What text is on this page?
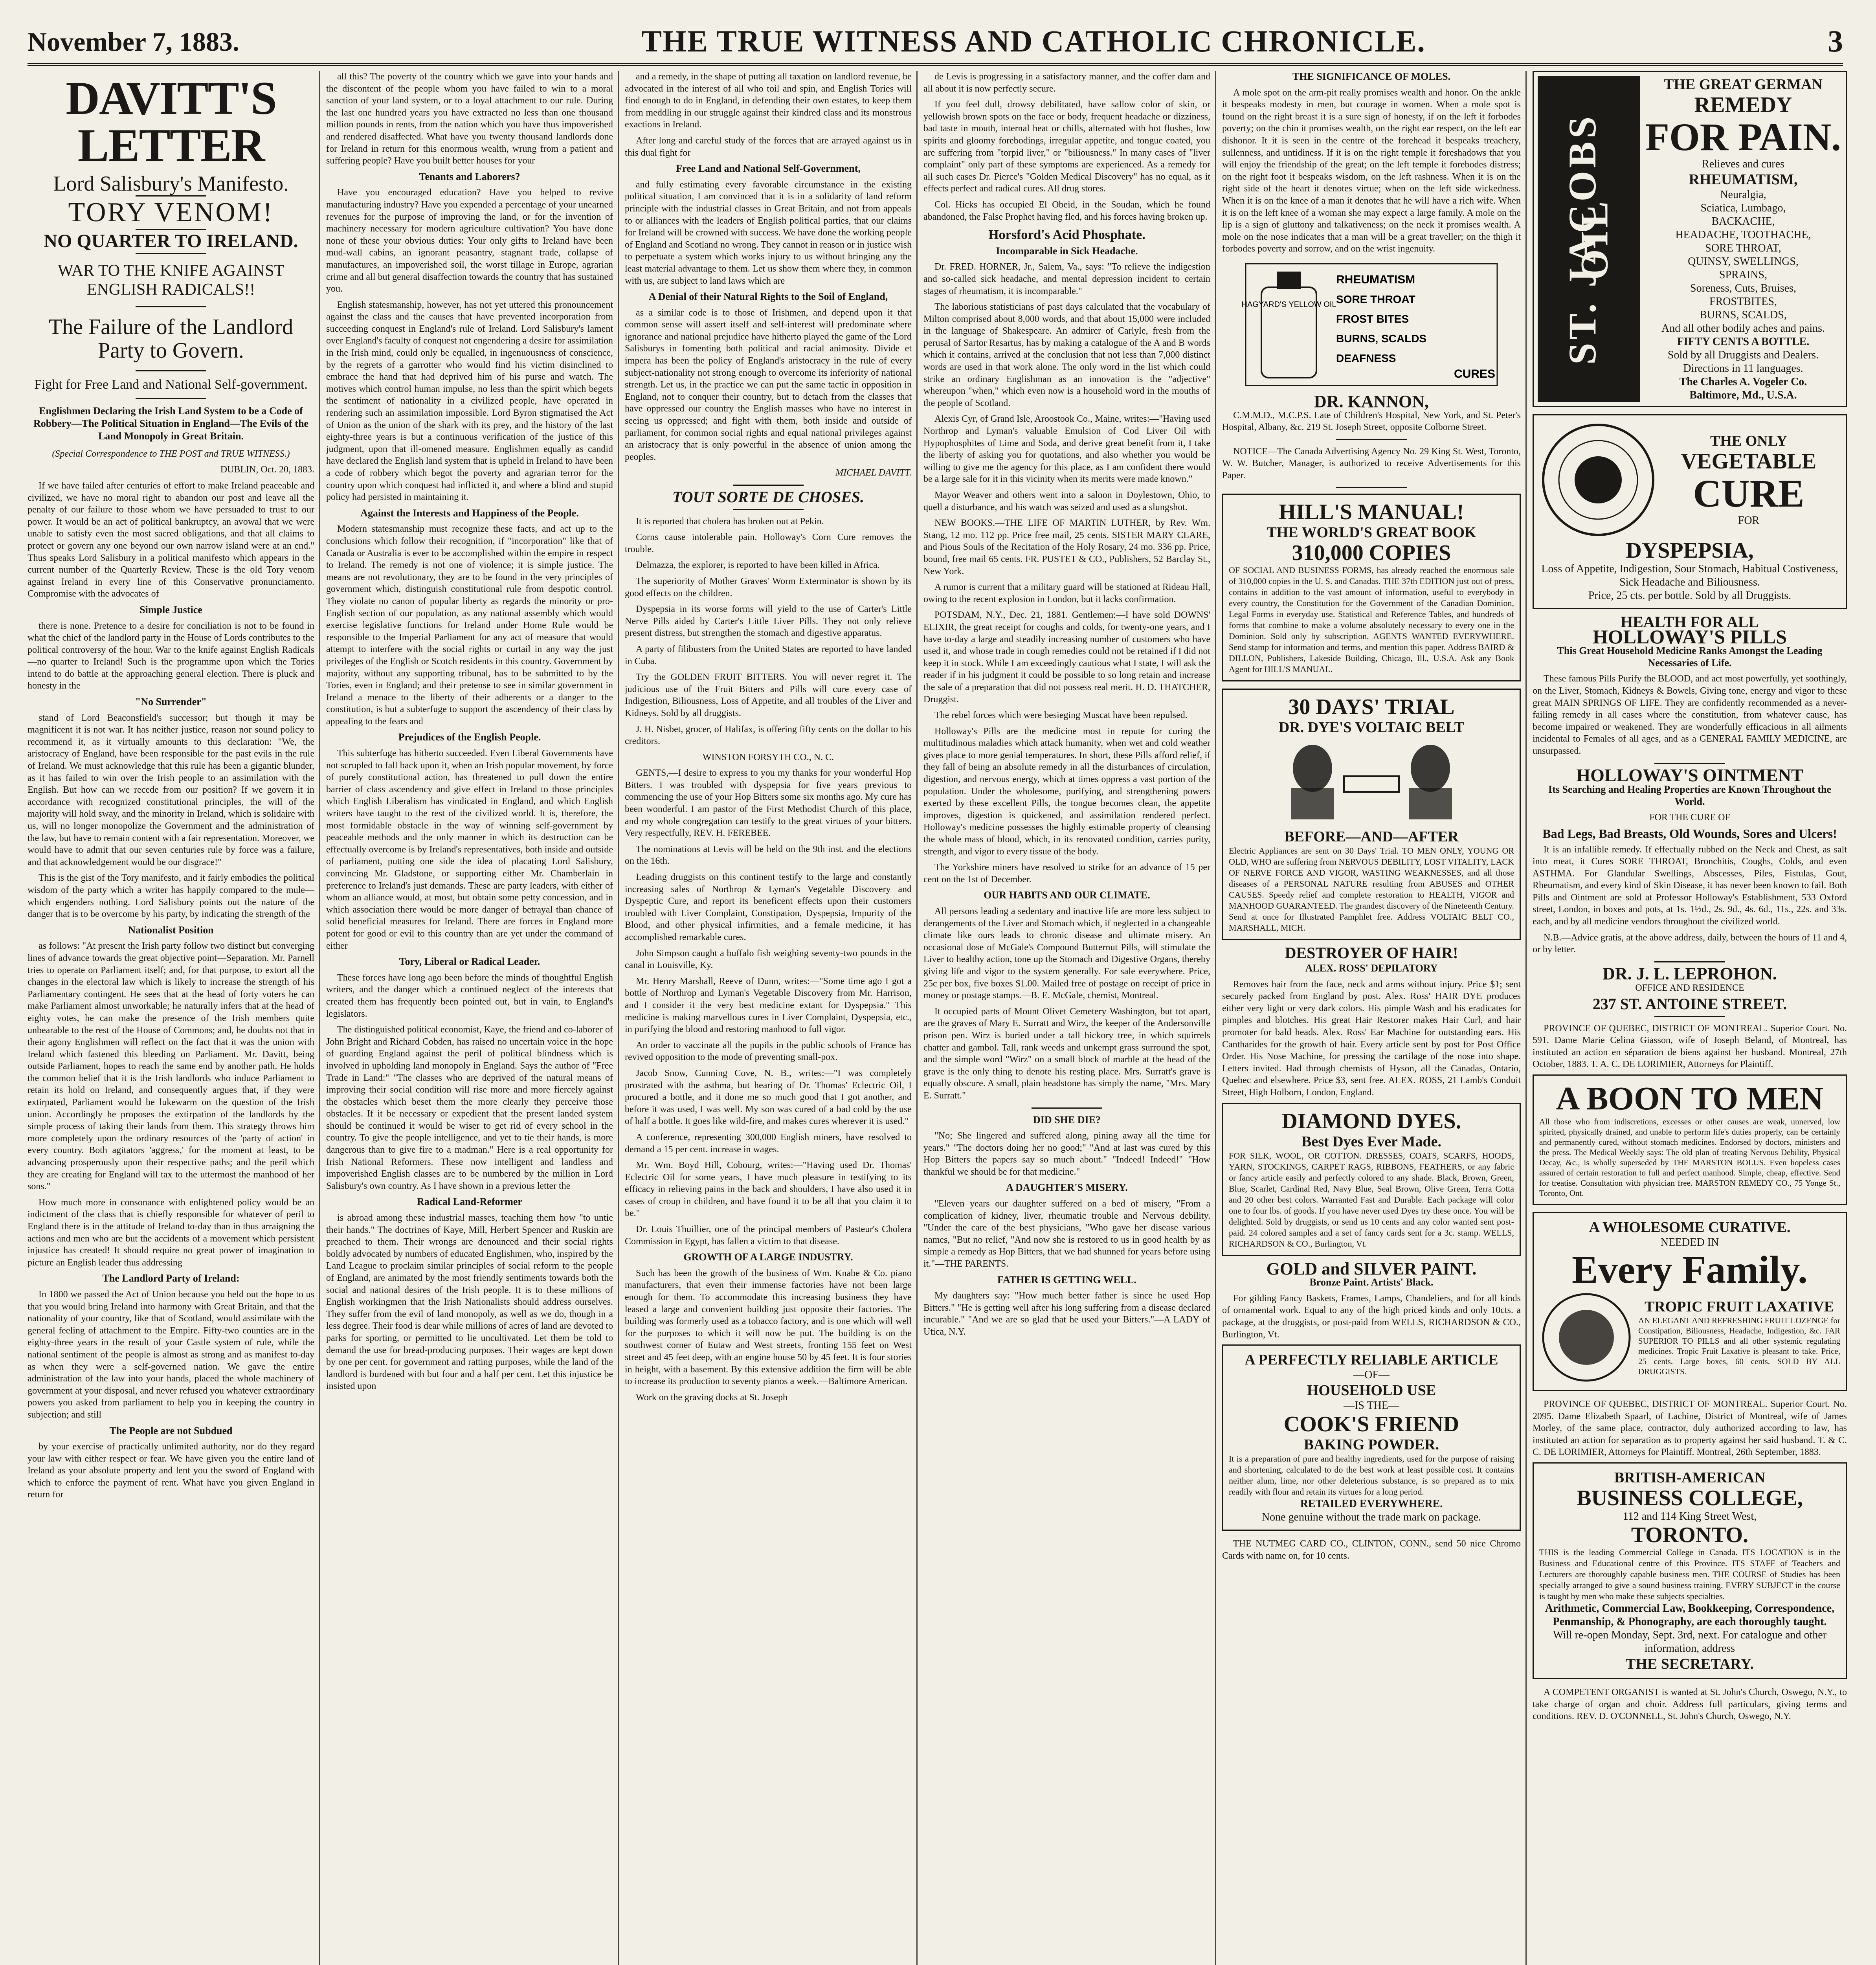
November 7, 1883.	THE TRUE WITNESS AND CATHOLIC CHRONICLE.	3
DAVITT'S LETTER
Lord Salisbury's Manifesto.
TORY VENOM!
NO QUARTER TO IRELAND.
WAR TO THE KNIFE AGAINST ENGLISH RADICALS!!
The Failure of the Landlord Party to Govern.
Fight for Free Land and National Self-government.
Englishmen Declaring the Irish Land System to be a Code of Robbery—The Political Situation in England—The Evils of the Land Monopoly in Great Britain.

(Special Correspondence to THE POST and TRUE WITNESS.)

DUBLIN, Oct. 20, 1883.

If we have failed after centuries of effort to make Ireland peaceable and civilized, we have no moral right to abandon our post and leave all the penalty of our failure to those whom we have persuaded to trust to our power. It would be an act of political bankruptcy, an avowal that we were unable to satisfy even the most sacred obligations, and that all claims to protect or govern any one beyond our own narrow island were at an end." Thus speaks Lord Salisbury in a political manifesto which appears in the current number of the Quarterly Review. These is the old Tory venom against Ireland in every line of this Conservative pronunciamento. Compromise with the advocates of

Simple Justice

there is none. Pretence to a desire for conciliation is not to be found in what the chief of the landlord party in the House of Lords contributes to the political controversy of the hour. War to the knife against English Radicals—no quarter to Ireland! Such is the programme upon which the Tories intend to do battle at the approaching general election. There is pluck and honesty in the

"No Surrender"

stand of Lord Beaconsfield's successor; but though it may be magnificent it is not war. It has neither justice, reason nor sound policy to recommend it, as it virtually amounts to this declaration: "We, the aristocracy of England, have been responsible for the past evils in the rule of Ireland. We must acknowledge that this rule has been a gigantic blunder, as it has failed to win over the Irish people to an assimilation with the English. But how can we recede from our position? If we govern it in accordance with recognized constitutional principles, the will of the majority will hold sway, and the minority in Ireland, which is solidaire with us, will no longer monopolize the Government and the administration of the law, but have to remain content with a fair representation. Moreover, we would have to admit that our seven centuries rule by force was a failure, and that acknowledgement would be our disgrace!"

This is the gist of the Tory manifesto, and it fairly embodies the political wisdom of the party which a writer has happily compared to the mule—which engenders nothing. Lord Salisbury points out the nature of the danger that is to be overcome by his party, by indicating the strength of the

Nationalist Position

as follows: "At present the Irish party follow two distinct but converging lines of advance towards the great objective point—Separation. Mr. Parnell tries to operate on Parliament itself; and, for that purpose, to extort all the changes in the electoral law which is likely to increase the strength of his Parliamentary contingent. He sees that at the head of forty voters he can make Parliament almost unworkable; he naturally infers that at the head of eighty votes, he can make the presence of the Irish members quite unbearable to the rest of the House of Commons; and, he doubts not that in their agony Englishmen will reflect on the fact that it was the union with Ireland which fastened this bleeding on Parliament. Mr. Davitt, being outside Parliament, hopes to reach the same end by another path. He holds the common belief that it is the Irish landlords who induce Parliament to retain its hold on Ireland, and consequently argues that, if they were extirpated, Parliament would be lukewarm on the question of the Irish union. Accordingly he proposes the extirpation of the landlords by the simple process of taking their lands from them. This strategy throws him more completely upon the ordinary resources of the 'party of action' in every country. Both agitators 'aggress,' for the moment at least, to be advancing prosperously upon their respective paths; and the peril which they are creating for England will tax to the uttermost the manhood of her sons."

How much more in consonance with enlightened policy would be an indictment of the class that is chiefly responsible for whatever of peril to England there is in the attitude of Ireland to-day than in thus arraigning the actions and men who are but the accidents of a movement which persistent injustice has created! It should require no great power of imagination to picture an English leader thus addressing

The Landlord Party of Ireland:

In 1800 we passed the Act of Union because you held out the hope to us that you would bring Ireland into harmony with Great Britain, and that the nationality of your country, like that of Scotland, would assimilate with the general feeling of attachment to the Empire. Fifty-two counties are in the eighty-three years in the result of your Castle system of rule, while the national sentiment of the people is almost as strong and as manifest to-day as when they were a self-governed nation. We gave the entire administration of the law into your hands, placed the whole machinery of government at your disposal, and never refused you whatever extraordinary powers you asked from parliament to help you in keeping the country in subjection; and still

The People are not Subdued

by your exercise of practically unlimited authority, nor do they regard your law with either respect or fear. We have given you the entire land of Ireland as your absolute property and lent you the sword of England with which to enforce the payment of rent. What have you given England in return for

all this? The poverty of the country which we gave into your hands and the discontent of the people whom you have failed to win to a moral sanction of your land system, or to a loyal attachment to our rule. During the last one hundred years you have extracted no less than one thousand million pounds in rents, from the nation which you have thus impoverished and rendered disaffected. What have you twenty thousand landlords done for Ireland in return for this enormous wealth, wrung from a patient and suffering people? Have you built better houses for your

Tenants and Laborers?

Have you encouraged education? Have you helped to revive manufacturing industry? Have you expended a percentage of your unearned revenues for the purpose of improving the land, or for the invention of machinery necessary for modern agriculture cultivation? You have done none of these your obvious duties: Your only gifts to Ireland have been mud-wall cabins, an ignorant peasantry, stagnant trade, collapse of manufactures, an impoverished soil, the worst tillage in Europe, agrarian crime and all but general disaffection towards the country that has sustained you.

English statesmanship, however, has not yet uttered this pronouncement against the class and the causes that have prevented incorporation from succeeding conquest in England's rule of Ireland. Lord Salisbury's lament over England's faculty of conquest not engendering a desire for assimilation in the Irish mind, could only be equalled, in ingenuousness of conscience, by the regrets of a garrotter who would find his victim disinclined to embrace the hand that had deprived him of his purse and watch. The motives which control human impulse, no less than the spirit which begets the sentiment of nationality in a civilized people, have operated in rendering such an assimilation impossible. Lord Byron stigmatised the Act of Union as the union of the shark with its prey, and the history of the last eighty-three years is but a continuous verification of the justice of this judgment, upon that ill-omened measure. Englishmen equally as candid have declared the English land system that is upheld in Ireland to have been a code of robbery which begot the poverty and agrarian terror for the country upon which conquest had inflicted it, and where a blind and stupid policy had persisted in maintaining it.

Against the Interests and Happiness of the People.

Modern statesmanship must recognize these facts, and act up to the conclusions which follow their recognition, if "incorporation" like that of Canada or Australia is ever to be accomplished within the empire in respect to Ireland. The remedy is not one of violence; it is simple justice. The means are not revolutionary, they are to be found in the very principles of government which, distinguish constitutional rule from despotic control. They violate no canon of popular liberty as regards the minority or pro-English section of our population, as any national assembly which would exercise legislative functions for Ireland under Home Rule would be responsible to the Imperial Parliament for any act of measure that would attempt to interfere with the social rights or curtail in any way the just privileges of the English or Scotch residents in this country. Government by majority, without any supporting tribunal, has to be submitted to by the Tories, even in England; and their pretense to see in similar government in Ireland a menace to the liberty of their adherents or a danger to the constitution, is but a subterfuge to support the ascendency of their class by appealing to the fears and

Prejudices of the English People.

This subterfuge has hitherto succeeded. Even Liberal Governments have not scrupled to fall back upon it, when an Irish popular movement, by force of purely constitutional action, has threatened to pull down the entire barrier of class ascendency and give effect in Ireland to those principles which English Liberalism has vindicated in England, and which English writers have taught to the rest of the civilized world. It is, therefore, the most formidable obstacle in the way of winning self-government by peaceable methods and the only manner in which its destruction can be effectually overcome is by Ireland's representatives, both inside and outside of parliament, putting one side the idea of placating Lord Salisbury, convincing Mr. Gladstone, or supporting either Mr. Chamberlain in preference to Ireland's just demands. These are party leaders, with either of whom an alliance would, at most, but obtain some petty concession, and in which association there would be more danger of betrayal than chance of solid beneficial measures for Ireland. There are forces in England more potent for good or evil to this country than are yet under the command of either

Tory, Liberal or Radical Leader.

These forces have long ago been before the minds of thoughtful English writers, and the danger which a continued neglect of the interests that created them has frequently been pointed out, but in vain, to England's legislators.

The distinguished political economist, Kaye, the friend and co-laborer of John Bright and Richard Cobden, has raised no uncertain voice in the hope of guarding England against the peril of political blindness which is involved in upholding land monopoly in England. Says the author of "Free Trade in Land:" "The classes who are deprived of the natural means of improving their social condition will rise more and more fiercely against the obstacles which beset them the more clearly they perceive those obstacles. If it be necessary or expedient that the present landed system should be continued it would be wiser to get rid of every school in the country. To give the people intelligence, and yet to tie their hands, is more dangerous than to give fire to a madman." Here is a real opportunity for Irish National Reformers. These now intelligent and landless and impoverished English classes are to be numbered by the million in Lord Salisbury's own country. As I have shown in a previous letter the

Radical Land-Reformer

is abroad among these industrial masses, teaching them how "to untie their hands." The doctrines of Kaye, Mill, Herbert Spencer and Ruskin are preached to them. Their wrongs are denounced and their social rights boldly advocated by numbers of educated Englishmen, who, inspired by the Land League to proclaim similar principles of social reform to the people of England, are animated by the most friendly sentiments towards both the social and national desires of the Irish people. It is to these millions of English workingmen that the Irish Nationalists should address ourselves. They suffer from the evil of land monopoly, as well as we do, though in a less degree. Their food is dear while millions of acres of land are devoted to parks for sporting, or permitted to lie uncultivated. Let them be told to demand the use for bread-producing purposes. Their wages are kept down by one per cent. for government and ratting purposes, while the land of the landlord is burdened with but four and a half per cent. Let this injustice be insisted upon

and a remedy, in the shape of putting all taxation on landlord revenue, be advocated in the interest of all who toil and spin, and English Tories will find enough to do in England, in defending their own estates, to keep them from meddling in our struggle against their kindred class and its monstrous exactions in Ireland.

After long and careful study of the forces that are arrayed against us in this dual fight for

Free Land and National Self-Government,

and fully estimating every favorable circumstance in the existing political situation, I am convinced that it is in a solidarity of land reform principle with the industrial classes in Great Britain, and not from appeals to or alliances with the leaders of English political parties, that our claims for Ireland will be crowned with success. We have done the working people of England and Scotland no wrong. They cannot in reason or in justice wish to perpetuate a system which works injury to us without bringing any the least material advantage to them. Let us show them where they, in common with us, are subject to land laws which are

A Denial of their Natural Rights to the Soil of England,

as a similar code is to those of Irishmen, and depend upon it that common sense will assert itself and self-interest will predominate where ignorance and national prejudice have hitherto played the game of the Lord Salisburys in fomenting both political and racial animosity. Divide et impera has been the policy of England's aristocracy in the rule of every subject-nationality not strong enough to overcome its inferiority of national strength. Let us, in the practice we can put the same tactic in opposition in England, not to conquer their country, but to detach from the classes that have oppressed our country the English masses who have no interest in seeing us oppressed; and fight with them, both inside and outside of parliament, for common social rights and equal national privileges against an aristocracy that is only powerful in the absence of union among the peoples.

MICHAEL DAVITT.

TOUT SORTE DE CHOSES.

It is reported that cholera has broken out at Pekin.

Corns cause intolerable pain. Holloway's Corn Cure removes the trouble.

Delmazza, the explorer, is reported to have been killed in Africa.

The superiority of Mother Graves' Worm Exterminator is shown by its good effects on the children.

Dyspepsia in its worse forms will yield to the use of Carter's Little Nerve Pills aided by Carter's Little Liver Pills. They not only relieve present distress, but strengthen the stomach and digestive apparatus.

A party of filibusters from the United States are reported to have landed in Cuba.

Try the GOLDEN FRUIT BITTERS. You will never regret it. The judicious use of the Fruit Bitters and Pills will cure every case of Indigestion, Biliousness, Loss of Appetite, and all troubles of the Liver and Kidneys. Sold by all druggists.

J. H. Nisbet, grocer, of Halifax, is offering fifty cents on the dollar to his creditors.

WINSTON FORSYTH CO., N. C.

GENTS,—I desire to express to you my thanks for your wonderful Hop Bitters. I was troubled with dyspepsia for five years previous to commencing the use of your Hop Bitters some six months ago. My cure has been wonderful. I am pastor of the First Methodist Church of this place, and my whole congregation can testify to the great virtues of your bitters. Very respectfully, REV. H. FEREBEE.

The nominations at Levis will be held on the 9th inst. and the elections on the 16th.

Leading druggists on this continent testify to the large and constantly increasing sales of Northrop & Lyman's Vegetable Discovery and Dyspeptic Cure, and report its beneficent effects upon their customers troubled with Liver Complaint, Constipation, Dyspepsia, Impurity of the Blood, and other physical infirmities, and a female medicine, it has accomplished remarkable cures.

John Simpson caught a buffalo fish weighing seventy-two pounds in the canal in Louisville, Ky.

Mr. Henry Marshall, Reeve of Dunn, writes:—"Some time ago I got a bottle of Northrop and Lyman's Vegetable Discovery from Mr. Harrison, and I consider it the very best medicine extant for Dyspepsia." This medicine is making marvellous cures in Liver Complaint, Dyspepsia, etc., in purifying the blood and restoring manhood to full vigor.

An order to vaccinate all the pupils in the public schools of France has revived opposition to the mode of preventing small-pox.

Jacob Snow, Cunning Cove, N. B., writes:—"I was completely prostrated with the asthma, but hearing of Dr. Thomas' Eclectric Oil, I procured a bottle, and it done me so much good that I got another, and before it was used, I was well. My son was cured of a bad cold by the use of half a bottle. It goes like wild-fire, and makes cures wherever it is used."

A conference, representing 300,000 English miners, have resolved to demand a 15 per cent. increase in wages.

Mr. Wm. Boyd Hill, Cobourg, writes:—"Having used Dr. Thomas' Eclectric Oil for some years, I have much pleasure in testifying to its efficacy in relieving pains in the back and shoulders, I have also used it in cases of croup in children, and have found it to be all that you claim it to be."

Dr. Louis Thuillier, one of the principal members of Pasteur's Cholera Commission in Egypt, has fallen a victim to that disease.

GROWTH OF A LARGE INDUSTRY.

Such has been the growth of the business of Wm. Knabe & Co. piano manufacturers, that even their immense factories have not been large enough for them. To accommodate this increasing business they have leased a large and convenient building just opposite their factories. The building was formerly used as a tobacco factory, and is one which will well for the purposes to which it will now be put. The building is on the southwest corner of Eutaw and West streets, fronting 155 feet on West street and 45 feet deep, with an engine house 50 by 45 feet. It is four stories in height, with a basement. By this extensive addition the firm will be able to increase its production to seventy pianos a week.—Baltimore American.

Work on the graving docks at St. Joseph

de Levis is progressing in a satisfactory manner, and the coffer dam and all about it is now perfectly secure.

If you feel dull, drowsy debilitated, have sallow color of skin, or yellowish brown spots on the face or body, frequent headache or dizziness, bad taste in mouth, internal heat or chills, alternated with hot flushes, low spirits and gloomy forebodings, irregular appetite, and tongue coated, you are suffering from "torpid liver," or "biliousness." In many cases of "liver complaint" only part of these symptoms are experienced. As a remedy for all such cases Dr. Pierce's "Golden Medical Discovery" has no equal, as it effects perfect and radical cures. All drug stores.

Col. Hicks has occupied El Obeid, in the Soudan, which he found abandoned, the False Prophet having fled, and his forces having broken up.

Horsford's Acid Phosphate.

Incomparable in Sick Headache.

Dr. FRED. HORNER, Jr., Salem, Va., says: "To relieve the indigestion and so-called sick headache, and mental depression incident to certain stages of rheumatism, it is incomparable."

The laborious statisticians of past days calculated that the vocabulary of Milton comprised about 8,000 words, and that about 15,000 were included in the language of Shakespeare. An admirer of Carlyle, fresh from the perusal of Sartor Resartus, has by making a catalogue of the A and B words which it contains, arrived at the conclusion that not less than 7,000 distinct words are used in that work alone. The only word in the list which could strike an ordinary Englishman as an innovation is the "adjective" whereupon "when," which even now is a household word in the mouths of the people of Scotland.

Alexis Cyr, of Grand Isle, Aroostook Co., Maine, writes:—"Having used Northrop and Lyman's valuable Emulsion of Cod Liver Oil with Hypophosphites of Lime and Soda, and derive great benefit from it, I take the liberty of asking you for quotations, and also whether you would be willing to give me the agency for this place, as I am confident there would be a large sale for it in this vicinity when its merits were made known."

Mayor Weaver and others went into a saloon in Doylestown, Ohio, to quell a disturbance, and his watch was seized and used as a slungshot.

NEW BOOKS.—THE LIFE OF MARTIN LUTHER, by Rev. Wm. Stang, 12 mo. 112 pp. Price free mail, 25 cents. SISTER MARY CLARE, and Pious Souls of the Recitation of the Holy Rosary, 24 mo. 336 pp. Price, bound, free mail 65 cents. FR. PUSTET & CO., Publishers, 52 Barclay St., New York.

A rumor is current that a military guard will be stationed at Rideau Hall, owing to the recent explosion in London, but it lacks confirmation.

POTSDAM, N.Y., Dec. 21, 1881. Gentlemen:—I have sold DOWNS' ELIXIR, the great receipt for coughs and colds, for twenty-one years, and I have to-day a large and steadily increasing number of customers who have used it, and whose trade in cough remedies could not be retained if I did not keep it in stock. While I am exceedingly cautious what I state, I will ask the reader if in his judgment it could be possible to so long retain and increase the sale of a preparation that did not possess real merit. H. D. THATCHER, Druggist.

The rebel forces which were besieging Muscat have been repulsed.

Holloway's Pills are the medicine most in repute for curing the multitudinous maladies which attack humanity, when wet and cold weather gives place to more genial temperatures. In short, these Pills afford relief, if they fall of being an absolute remedy in all the disturbances of circulation, digestion, and nervous energy, which at times oppress a vast portion of the population. Under the wholesome, purifying, and strengthening powers exerted by these excellent Pills, the tongue becomes clean, the appetite improves, digestion is quickened, and assimilation rendered perfect. Holloway's medicine possesses the highly estimable property of cleansing the whole mass of blood, which, in its renovated condition, carries purity, strength, and vigor to every tissue of the body.

The Yorkshire miners have resolved to strike for an advance of 15 per cent on the 1st of December.

OUR HABITS AND OUR CLIMATE.

All persons leading a sedentary and inactive life are more less subject to derangements of the Liver and Stomach which, if neglected in a changeable climate like ours leads to chronic disease and ultimate misery. An occasional dose of McGale's Compound Butternut Pills, will stimulate the Liver to healthy action, tone up the Stomach and Digestive Organs, thereby giving life and vigor to the system generally. For sale everywhere. Price, 25c per box, five boxes $1.00. Mailed free of postage on receipt of price in money or postage stamps.—B. E. McGale, chemist, Montreal.

It occupied parts of Mount Olivet Cemetery Washington, but tot apart, are the graves of Mary E. Surratt and Wirz, the keeper of the Andersonville prison pen. Wirz is buried under a tall hickory tree, in which squirrels chatter and gambol. Tall, rank weeds and unkempt grass surround the spot, and the simple word "Wirz" on a small block of marble at the head of the grave is the only thing to denote his resting place. Mrs. Surratt's grave is equally obscure. A small, plain headstone has simply the name, "Mrs. Mary E. Surratt."

DID SHE DIE?

"No; She lingered and suffered along, pining away all the time for years." "The doctors doing her no good;" "And at last was cured by this Hop Bitters the papers say so much about." "Indeed! Indeed!" "How thankful we should be for that medicine."

A DAUGHTER'S MISERY.

"Eleven years our daughter suffered on a bed of misery, "From a complication of kidney, liver, rheumatic trouble and Nervous debility. "Under the care of the best physicians, "Who gave her disease various names, "But no relief, "And now she is restored to us in good health by as simple a remedy as Hop Bitters, that we had shunned for years before using it."—THE PARENTS.

FATHER IS GETTING WELL.

My daughters say: "How much better father is since he used Hop Bitters." "He is getting well after his long suffering from a disease declared incurable." "And we are so glad that he used your Bitters."—A LADY of Utica, N.Y.

THE SIGNIFICANCE OF MOLES.

A mole spot on the arm-pit really promises wealth and honor. On the ankle it bespeaks modesty in men, but courage in women. When a mole spot is found on the right breast it is a sure sign of honesty, if on the left it forbodes poverty; on the chin it promises wealth, on the right ear respect, on the left ear dishonor. It it is seen in the centre of the forehead it bespeaks treachery, sullenness, and untidiness. If it is on the right temple it foreshadows that you will enjoy the friendship of the great; on the left temple it forebodes distress; on the right foot it bespeaks wisdom, on the left rashness. When it is on the right side of the heart it denotes virtue; when on the left side wickedness. When it is on the knee of a man it denotes that he will have a rich wife. When it is on the left knee of a woman she may expect a large family. A mole on the lip is a sign of gluttony and talkativeness; on the neck it promises wealth. A mole on the nose indicates that a man will be a great traveller; on the thigh it forbodes poverty and sorrow, and on the wrist ingenuity.

HAGYARD'S YELLOW OIL
RHEUMATISM
SORE THROAT
FROST BITES
BURNS, SCALDS
DEAFNESS
CURES

DR. KANNON,

C.M.M.D., M.C.P.S. Late of Children's Hospital, New York, and St. Peter's Hospital, Albany, &c. 219 St. Joseph Street, opposite Colborne Street.

NOTICE—The Canada Advertising Agency No. 29 King St. West, Toronto, W. W. Butcher, Manager, is authorized to receive Advertisements for this Paper.

HILL'S MANUAL!
THE WORLD'S GREAT BOOK
310,000 COPIES
OF SOCIAL AND BUSINESS FORMS, has already reached the enormous sale of 310,000 copies in the U. S. and Canadas. THE 37th EDITION just out of press, contains in addition to the vast amount of information, useful to everybody in every country, the Constitution for the Government of the Canadian Dominion, Legal Forms in everyday use. Statistical and Reference Tables, and hundreds of forms that combine to make a volume absolutely necessary to every one in the Dominion. Sold only by subscription. AGENTS WANTED EVERYWHERE. Send stamp for information and terms, and mention this paper. Address BAIRD & DILLON, Publishers, Lakeside Building, Chicago, Ill., U.S.A. Ask any Book Agent for HILL'S MANUAL.
30 DAYS' TRIAL
DR. DYE'S VOLTAIC BELT
BEFORE—AND—AFTER
Electric Appliances are sent on 30 Days' Trial. TO MEN ONLY, YOUNG OR OLD, WHO are suffering from NERVOUS DEBILITY, LOST VITALITY, LACK OF NERVE FORCE AND VIGOR, WASTING WEAKNESSES, and all those diseases of a PERSONAL NATURE resulting from ABUSES and OTHER CAUSES. Speedy relief and complete restoration to HEALTH, VIGOR and MANHOOD GUARANTEED. The grandest discovery of the Nineteenth Century. Send at once for Illustrated Pamphlet free. Address VOLTAIC BELT CO., MARSHALL, MICH.

DESTROYER OF HAIR!

ALEX. ROSS' DEPILATORY

Removes hair from the face, neck and arms without injury. Price $1; sent securely packed from England by post. Alex. Ross' HAIR DYE produces either very light or very dark colors. His pimple Wash and his eradicates for pimples and blotches. His great Hair Restorer makes Hair Curl, and hair promoter for bald heads. Alex. Ross' Ear Machine for outstanding ears. His Cantharides for the growth of hair. Every article sent by post for Post Office Order. His Nose Machine, for pressing the cartilage of the nose into shape. Letters invited. Had through chemists of Hyson, all the Canadas, Ontario, Quebec and elsewhere. Price $3, sent free. ALEX. ROSS, 21 Lamb's Conduit Street, High Holborn, London, England.

DIAMOND DYES.
Best Dyes Ever Made.
FOR SILK, WOOL, OR COTTON. DRESSES, COATS, SCARFS, HOODS, YARN, STOCKINGS, CARPET RAGS, RIBBONS, FEATHERS, or any fabric or fancy article easily and perfectly colored to any shade. Black, Brown, Green, Blue, Scarlet, Cardinal Red, Navy Blue, Seal Brown, Olive Green, Terra Cotta and 20 other best colors. Warranted Fast and Durable. Each package will color one to four lbs. of goods. If you have never used Dyes try these once. You will be delighted. Sold by druggists, or send us 10 cents and any color wanted sent post-paid. 24 colored samples and a set of fancy cards sent for a 3c. stamp. WELLS, RICHARDSON & CO., Burlington, Vt.

GOLD and SILVER PAINT.

Bronze Paint. Artists' Black.

For gilding Fancy Baskets, Frames, Lamps, Chandeliers, and for all kinds of ornamental work. Equal to any of the high priced kinds and only 10cts. a package, at the druggists, or post-paid from WELLS, RICHARDSON & CO., Burlington, Vt.

A PERFECTLY RELIABLE ARTICLE
—OF—
HOUSEHOLD USE
—IS THE—
COOK'S FRIEND
BAKING POWDER.
It is a preparation of pure and healthy ingredients, used for the purpose of raising and shortening, calculated to do the best work at least possible cost. It contains neither alum, lime, nor other deleterious substance, is so prepared as to mix readily with flour and retain its virtues for a long period.
RETAILED EVERYWHERE.
None genuine without the trade mark on package.

THE NUTMEG CARD CO., CLINTON, CONN., send 50 nice Chromo Cards with name on, for 10 cents.

ST. JACOBS OIL
THE GREAT GERMAN
REMEDY
FOR PAIN.
Relieves and cures
RHEUMATISM,
Neuralgia,
Sciatica, Lumbago,
BACKACHE,
HEADACHE, TOOTHACHE,
SORE THROAT,
QUINSY, SWELLINGS,
SPRAINS,
Soreness, Cuts, Bruises,
FROSTBITES,
BURNS, SCALDS,
And all other bodily aches and pains.
FIFTY CENTS A BOTTLE.
Sold by all Druggists and Dealers. Directions in 11 languages.
The Charles A. Vogeler Co.
Baltimore, Md., U.S.A.
THE ONLY
VEGETABLE
CURE
FOR
DYSPEPSIA,
Loss of Appetite, Indigestion, Sour Stomach, Habitual Costiveness, Sick Headache and Biliousness.
Price, 25 cts. per bottle. Sold by all Druggists.

HEALTH FOR ALL

HOLLOWAY'S PILLS

This Great Household Medicine Ranks Amongst the Leading Necessaries of Life.

These famous Pills Purify the BLOOD, and act most powerfully, yet soothingly, on the Liver, Stomach, Kidneys & Bowels, Giving tone, energy and vigor to these great MAIN SPRINGS OF LIFE. They are confidently recommended as a never-failing remedy in all cases where the constitution, from whatever cause, has become impaired or weakened. They are wonderfully efficacious in all ailments incidental to Females of all ages, and as a GENERAL FAMILY MEDICINE, are unsurpassed.

HOLLOWAY'S OINTMENT

Its Searching and Healing Properties are Known Throughout the World.

FOR THE CURE OF

Bad Legs, Bad Breasts, Old Wounds, Sores and Ulcers!

It is an infallible remedy. If effectually rubbed on the Neck and Chest, as salt into meat, it Cures SORE THROAT, Bronchitis, Coughs, Colds, and even ASTHMA. For Glandular Swellings, Abscesses, Piles, Fistulas, Gout, Rheumatism, and every kind of Skin Disease, it has never been known to fail. Both Pills and Ointment are sold at Professor Holloway's Establishment, 533 Oxford street, London, in boxes and pots, at 1s. 1½d., 2s. 9d., 4s. 6d., 11s., 22s. and 33s. each, and by all medicine vendors throughout the civilized world.

N.B.—Advice gratis, at the above address, daily, between the hours of 11 and 4, or by letter.

DR. J. L. LEPROHON.

OFFICE AND RESIDENCE

237 ST. ANTOINE STREET.

PROVINCE OF QUEBEC, DISTRICT OF MONTREAL. Superior Court. No. 591. Dame Marie Celina Giasson, wife of Joseph Beland, of Montreal, has instituted an action en séparation de biens against her husband. Montreal, 27th October, 1883. T. A. C. DE LORIMIER, Attorneys for Plaintiff.

A BOON TO MEN
All those who from indiscretions, excesses or other causes are weak, unnerved, low spirited, physically drained, and unable to perform life's duties properly, can be certainly and permanently cured, without stomach medicines. Endorsed by doctors, ministers and the press. The Medical Weekly says: The old plan of treating Nervous Debility, Physical Decay, &c., is wholly superseded by THE MARSTON BOLUS. Even hopeless cases assured of certain restoration to full and perfect manhood. Simple, cheap, effective. Send for treatise. Consultation with physician free. MARSTON REMEDY CO., 75 Yonge St., Toronto, Ont.
A WHOLESOME CURATIVE.
NEEDED IN
Every Family.
TROPIC FRUIT LAXATIVE
AN ELEGANT AND REFRESHING FRUIT LOZENGE for Constipation, Biliousness, Headache, Indigestion, &c. FAR SUPERIOR TO PILLS and all other systemic regulating medicines. Tropic Fruit Laxative is pleasant to take. Price, 25 cents. Large boxes, 60 cents. SOLD BY ALL DRUGGISTS.

PROVINCE OF QUEBEC, DISTRICT OF MONTREAL. Superior Court. No. 2095. Dame Elizabeth Spaarl, of Lachine, District of Montreal, wife of James Morley, of the same place, contractor, duly authorized according to law, has instituted an action for separation as to property against her said husband. T. & C. C. DE LORIMIER, Attorneys for Plaintiff. Montreal, 26th September, 1883.

BRITISH-AMERICAN
BUSINESS COLLEGE,
112 and 114 King Street West,
TORONTO.
THIS is the leading Commercial College in Canada. ITS LOCATION is in the Business and Educational centre of this Province. ITS STAFF of Teachers and Lecturers are thoroughly capable business men. THE COURSE of Studies has been specially arranged to give a sound business training. EVERY SUBJECT in the course is taught by men who make these subjects specialties.
Arithmetic, Commercial Law, Bookkeeping, Correspondence, Penmanship, & Phonography, are each thoroughly taught.
Will re-open Monday, Sept. 3rd, next. For catalogue and other information, address
THE SECRETARY.

A COMPETENT ORGANIST is wanted at St. John's Church, Oswego, N.Y., to take charge of organ and choir. Address full particulars, giving terms and conditions. REV. D. O'CONNELL, St. John's Church, Oswego, N.Y.
